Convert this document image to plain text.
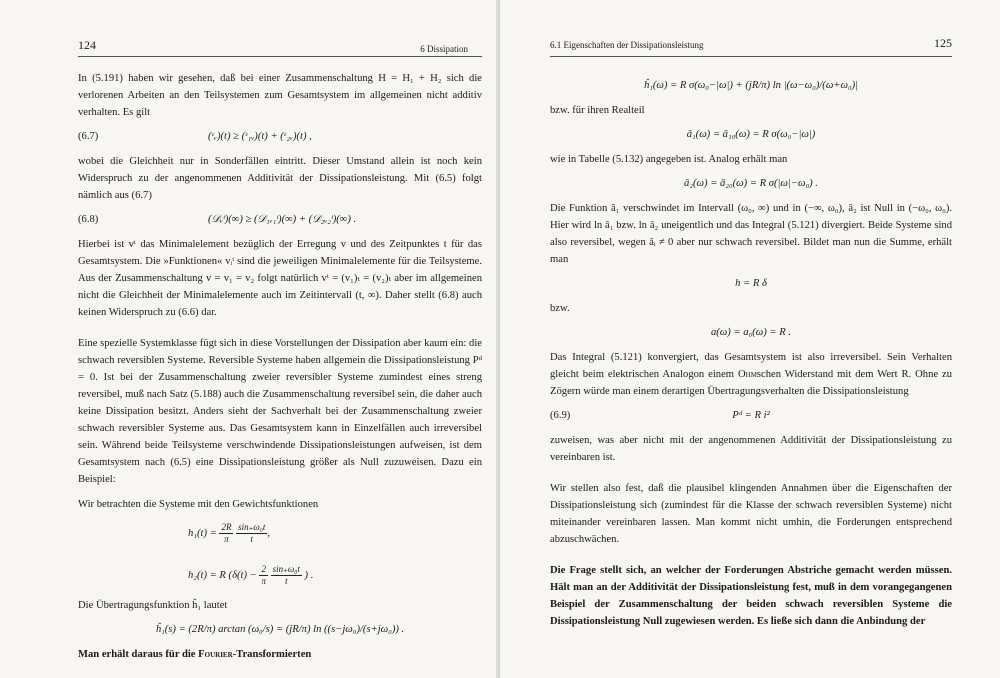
124	6 Dissipation

In (5.191) haben wir gesehen, daß bei einer Zusammenschaltung H = H₁ + H₂ sich die verlorenen Arbeiten an den Teilsystemen zum Gesamtsystem im allgemeinen nicht additiv verhalten. Es gilt

(6.7)	(ᵋᵥ)(t) ≥ (ᵋ₁ᵥ)(t) + (ᵋ₂ᵥ)(t) ,

wobei die Gleichheit nur in Sonderfällen eintritt. Dieser Umstand allein ist noch kein Widerspruch zu der angenommenen Additivität der Dissipationsleistung. Mit (6.5) folgt nämlich aus (6.7)

(6.8)	(𝒟ᵥᵗ)(∞) ≥ (𝒟₁ᵥ₁ᵗ)(∞) + (𝒟₂ᵥ₂ᵗ)(∞) .

Hierbei ist vᵗ das Minimalelement bezüglich der Erregung v und des Zeitpunktes t für das Gesamtsystem. Die »Funktionen« vᵢᵗ sind die jeweiligen Minimalelemente für die Teilsysteme. Aus der Zusammenschaltung v = v₁ = v₂ folgt natürlich vᵗ = (v₁)ₜ = (v₂)ₜ aber im allgemeinen nicht die Gleichheit der Minimalelemente auch im Zeitintervall (t, ∞). Daher stellt (6.8) auch keinen Widerspruch zu (6.6) dar.

Eine spezielle Systemklasse fügt sich in diese Vorstellungen der Dissipation aber kaum ein: die schwach reversiblen Systeme. Reversible Systeme haben allgemein die Dissipationsleistung Pᵈ = 0. Ist bei der Zusammenschaltung zweier reversibler Systeme zumindest eines streng reversibel, muß nach Satz (5.188) auch die Zusammenschaltung reversibel sein, die daher auch keine Dissipation besitzt. Anders sieht der Sachverhalt bei der Zusammenschaltung zweier schwach reversibler Systeme aus. Das Gesamtsystem kann in Einzelfällen auch irreversibel sein. Während beide Teilsysteme verschwindende Dissipationsleistungen aufweisen, ist dem Gesamtsystem nach (6.5) eine Dissipationsleistung größer als Null zuzuweisen. Dazu ein Beispiel:

Wir betrachten die Systeme mit den Gewichtsfunktionen

$h_1(t) = \frac{2R}{\pi}$
$\frac{\text{sin₊ω₀t}}{t}$ ,
h₂(t) = R ($\delta(t) - \frac{2}{\pi}$
$\frac{\text{sin₊ω₀t}}{t}$ ) .

Die Übertragungsfunktion ĥ₁ lautet

ĥ₁(s) = (2R/π) arctan (ω₀/s) = (jR/π) ln ((s−jω₀)/(s+jω₀)) .

Man erhält daraus für die Fourier-Transformierten

6.1 Eigenschaften der Dissipationsleistung	125
ĥ₁(ω) = R σ(ω₀−|ω|) + (jR/π) ln |(ω−ω₀)/(ω+ω₀)|

bzw. für ihren Realteil

ā₁(ω) = ā₁₀(ω) = R σ(ω₀−|ω|)

wie in Tabelle (5.132) angegeben ist. Analog erhält man

ā₂(ω) = ā₂₀(ω) = R σ(|ω|−ω₀) .

Die Funktion ā₁ verschwindet im Intervall (ω₀, ∞) und in (−∞, ω₀), ā₂ ist Null in (−ω₀, ω₀). Hier wird ln ā₁ bzw. ln ā₂ uneigentlich und das Integral (5.121) divergiert. Beide Systeme sind also reversibel, wegen āᵢ ≠ 0 aber nur schwach reversibel. Bildet man nun die Summe, erhält man

h = R δ

bzw.

a(ω) = a₀(ω) = R .

Das Integral (5.121) konvergiert, das Gesamtsystem ist also irreversibel. Sein Verhalten gleicht beim elektrischen Analogon einem Ohmschen Widerstand mit dem Wert R. Ohne zu Zögern würde man einem derartigen Übertragungsverhalten die Dissipationsleistung

(6.9)	Pᵈ = R i²

zuweisen, was aber nicht mit der angenommenen Additivität der Dissipationsleistung zu vereinbaren ist.

Wir stellen also fest, daß die plausibel klingenden Annahmen über die Eigenschaften der Dissipationsleistung sich (zumindest für die Klasse der schwach reversiblen Systeme) nicht miteinander vereinbaren lassen. Man kommt nicht umhin, die Forderungen entsprechend abzuschwächen.

Die Frage stellt sich, an welcher der Forderungen Abstriche gemacht werden müssen. Hält man an der Additivität der Dissipationsleistung fest, muß in dem vorangegangenen Beispiel der Zusammenschaltung der beiden schwach reversiblen Systeme die Dissipationsleistung Null zugewiesen werden. Es ließe sich dann die Anbindung der
